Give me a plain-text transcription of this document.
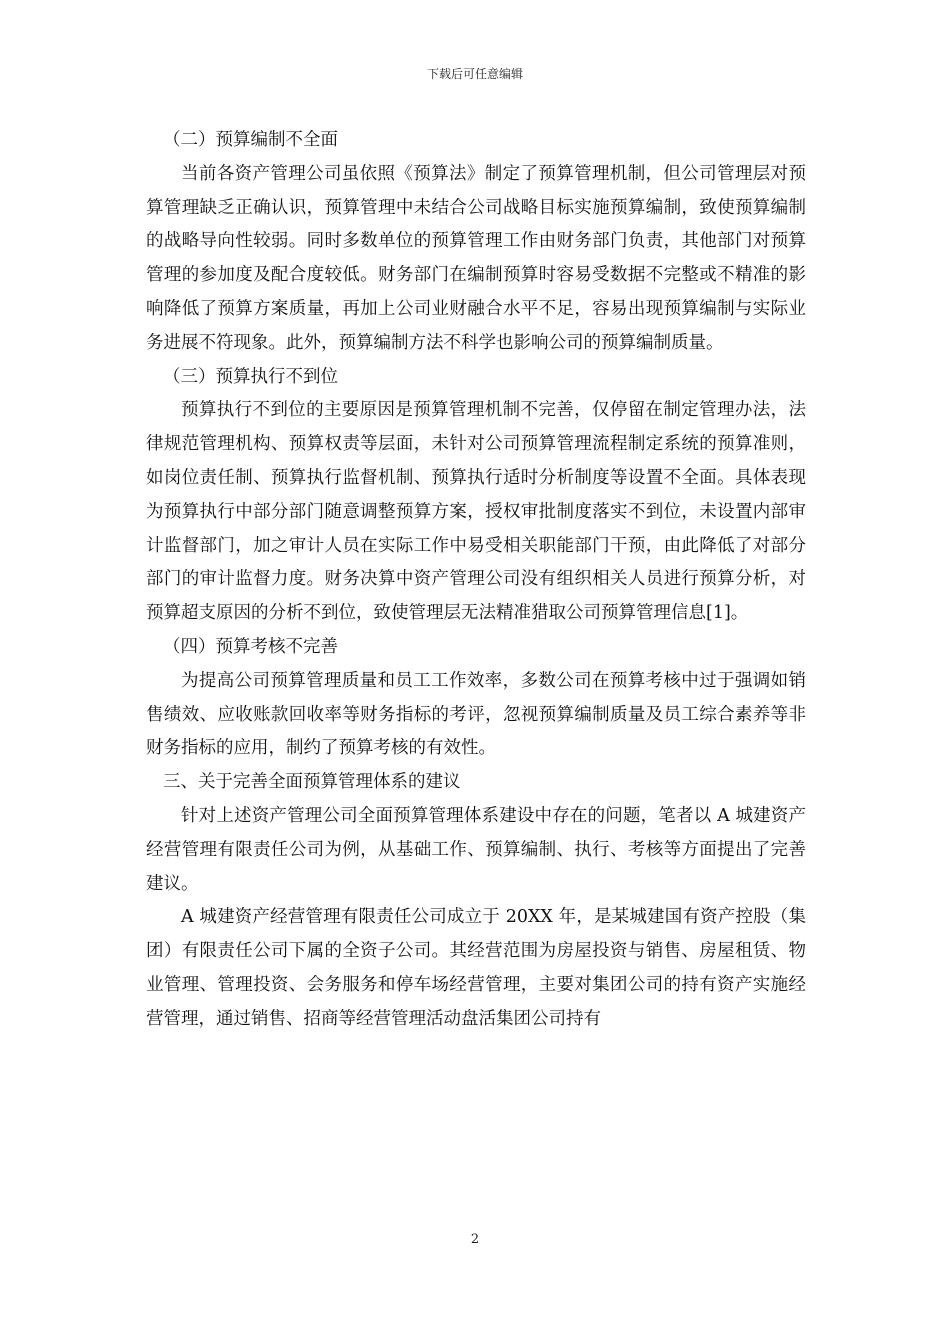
下载后可任意编辑

（二）预算编制不全面

当前各资产管理公司虽依照《预算法》制定了预算管理机制，但公司管理层对预算管理缺乏正确认识，预算管理中未结合公司战略目标实施预算编制，致使预算编制的战略导向性较弱。同时多数单位的预算管理工作由财务部门负责，其他部门对预算管理的参加度及配合度较低。财务部门在编制预算时容易受数据不完整或不精准的影响降低了预算方案质量，再加上公司业财融合水平不足，容易出现预算编制与实际业务进展不符现象。此外，预算编制方法不科学也影响公司的预算编制质量。

（三）预算执行不到位

预算执行不到位的主要原因是预算管理机制不完善，仅停留在制定管理办法，法律规范管理机构、预算权责等层面，未针对公司预算管理流程制定系统的预算准则，如岗位责任制、预算执行监督机制、预算执行适时分析制度等设置不全面。具体表现为预算执行中部分部门随意调整预算方案，授权审批制度落实不到位，未设置内部审计监督部门，加之审计人员在实际工作中易受相关职能部门干预，由此降低了对部分部门的审计监督力度。财务决算中资产管理公司没有组织相关人员进行预算分析，对预算超支原因的分析不到位，致使管理层无法精准猎取公司预算管理信息[1]。

（四）预算考核不完善

为提高公司预算管理质量和员工工作效率，多数公司在预算考核中过于强调如销售绩效、应收账款回收率等财务指标的考评，忽视预算编制质量及员工综合素养等非财务指标的应用，制约了预算考核的有效性。

三、关于完善全面预算管理体系的建议

针对上述资产管理公司全面预算管理体系建设中存在的问题，笔者以 A 城建资产经营管理有限责任公司为例，从基础工作、预算编制、执行、考核等方面提出了完善建议。

A 城建资产经营管理有限责任公司成立于 20XX 年，是某城建国有资产控股（集团）有限责任公司下属的全资子公司。其经营范围为房屋投资与销售、房屋租赁、物业管理、管理投资、会务服务和停车场经营管理，主要对集团公司的持有资产实施经营管理，通过销售、招商等经营管理活动盘活集团公司持有

2
